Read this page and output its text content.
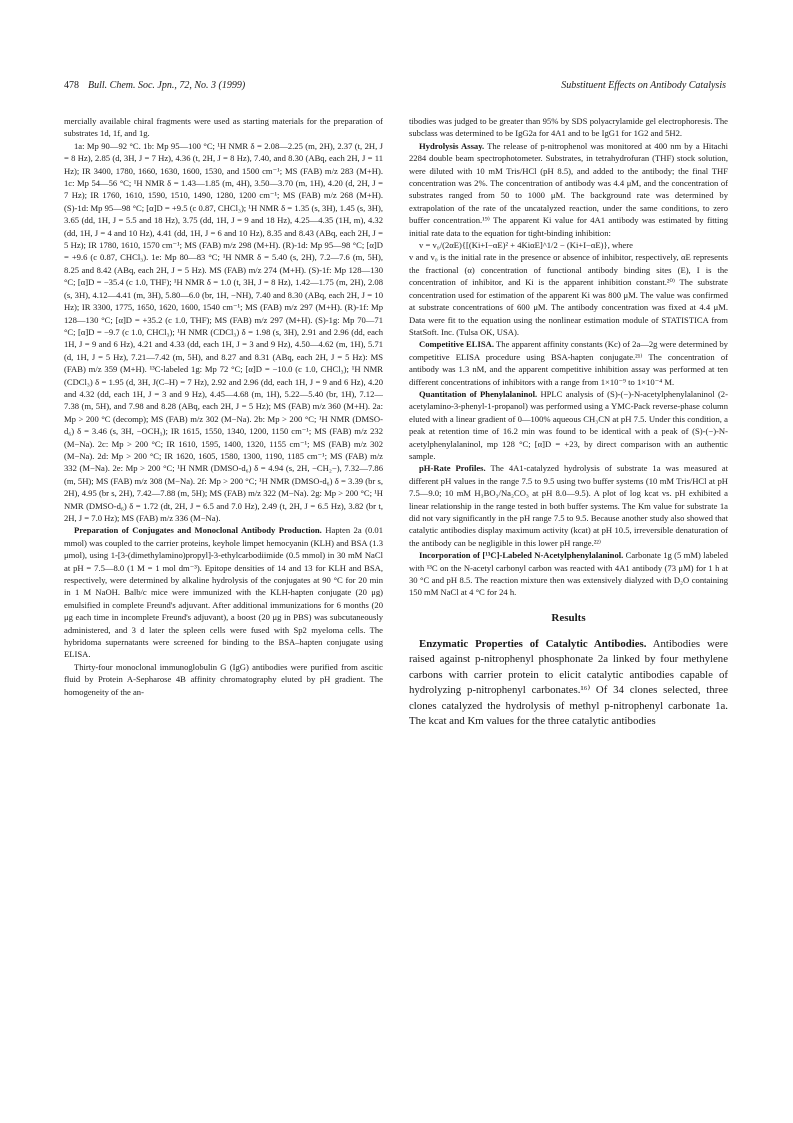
478 Bull. Chem. Soc. Jpn., 72, No. 3 (1999)	Substituent Effects on Antibody Catalysis

mercially available chiral fragments were used as starting materials for the preparation of substrates 1d, 1f, and 1g.

1a: Mp 90—92 °C. 1b: Mp 95—100 °C; ¹H NMR δ = 2.08—2.25 (m, 2H), 2.37 (t, 2H, J = 8 Hz), 2.85 (d, 3H, J = 7 Hz), 4.36 (t, 2H, J = 8 Hz), 7.40, and 8.30 (ABq, each 2H, J = 11 Hz); IR 3400, 1780, 1660, 1630, 1600, 1530, and 1500 cm⁻¹; MS (FAB) m/z 283 (M+H). 1c: Mp 54—56 °C; ¹H NMR δ = 1.43—1.85 (m, 4H), 3.50—3.70 (m, 1H), 4.20 (d, 2H, J = 7 Hz); IR 1760, 1610, 1590, 1510, 1490, 1280, 1200 cm⁻¹; MS (FAB) m/z 268 (M+H). (S)-1d: Mp 95—98 °C; [α]D = +9.5 (c 0.87, CHCl₃); ¹H NMR δ = 1.35 (s, 3H), 1.45 (s, 3H), 3.65 (dd, 1H, J = 5.5 and 18 Hz), 3.75 (dd, 1H, J = 9 and 18 Hz), 4.25—4.35 (1H, m), 4.32 (dd, 1H, J = 4 and 10 Hz), 4.41 (dd, 1H, J = 6 and 10 Hz), 8.35 and 8.43 (ABq, each 2H, J = 5 Hz); IR 1780, 1610, 1570 cm⁻¹; MS (FAB) m/z 298 (M+H). (R)-1d: Mp 95—98 °C; [α]D = +9.6 (c 0.87, CHCl₃). 1e: Mp 80—83 °C; ¹H NMR δ = 5.40 (s, 2H), 7.2—7.6 (m, 5H), 8.25 and 8.42 (ABq, each 2H, J = 5 Hz). MS (FAB) m/z 274 (M+H). (S)-1f: Mp 128—130 °C; [α]D = −35.4 (c 1.0, THF); ¹H NMR δ = 1.0 (t, 3H, J = 8 Hz), 1.42—1.75 (m, 2H), 2.08 (s, 3H), 4.12—4.41 (m, 3H), 5.80—6.0 (br, 1H, −NH), 7.40 and 8.30 (ABq, each 2H, J = 10 Hz); IR 3300, 1775, 1650, 1620, 1600, 1540 cm⁻¹; MS (FAB) m/z 297 (M+H). (R)-1f: Mp 128—130 °C; [α]D = +35.2 (c 1.0, THF); MS (FAB) m/z 297 (M+H). (S)-1g: Mp 70—71 °C; [α]D = −9.7 (c 1.0, CHCl₃); ¹H NMR (CDCl₃) δ = 1.98 (s, 3H), 2.91 and 2.96 (dd, each 1H, J = 9 and 6 Hz), 4.21 and 4.33 (dd, each 1H, J = 3 and 9 Hz), 4.50—4.62 (m, 1H), 5.71 (d, 1H, J = 5 Hz), 7.21—7.42 (m, 5H), and 8.27 and 8.31 (ABq, each 2H, J = 5 Hz): MS (FAB) m/z 359 (M+H). ¹³C-labeled 1g: Mp 72 °C; [α]D = −10.0 (c 1.0, CHCl₃); ¹H NMR (CDCl₃) δ = 1.95 (d, 3H, J(C–H) = 7 Hz), 2.92 and 2.96 (dd, each 1H, J = 9 and 6 Hz), 4.20 and 4.32 (dd, each 1H, J = 3 and 9 Hz), 4.45—4.68 (m, 1H), 5.22—5.40 (br, 1H), 7.12—7.38 (m, 5H), and 7.98 and 8.28 (ABq, each 2H, J = 5 Hz); MS (FAB) m/z 360 (M+H). 2a: Mp > 200 °C (decomp); MS (FAB) m/z 302 (M−Na). 2b: Mp > 200 °C; ¹H NMR (DMSO-d₆) δ = 3.46 (s, 3H, −OCH₃); IR 1615, 1550, 1340, 1200, 1150 cm⁻¹; MS (FAB) m/z 232 (M−Na). 2c: Mp > 200 °C; IR 1610, 1595, 1400, 1320, 1155 cm⁻¹; MS (FAB) m/z 302 (M−Na). 2d: Mp > 200 °C; IR 1620, 1605, 1580, 1300, 1190, 1185 cm⁻¹; MS (FAB) m/z 332 (M−Na). 2e: Mp > 200 °C; ¹H NMR (DMSO-d₆) δ = 4.94 (s, 2H, −CH₂−), 7.32—7.86 (m, 5H); MS (FAB) m/z 308 (M−Na). 2f: Mp > 200 °C; ¹H NMR (DMSO-d₆) δ = 3.39 (br s, 2H), 4.95 (br s, 2H), 7.42—7.88 (m, 5H); MS (FAB) m/z 322 (M−Na). 2g: Mp > 200 °C; ¹H NMR (DMSO-d₆) δ = 1.72 (dt, 2H, J = 6.5 and 7.0 Hz), 2.49 (t, 2H, J = 6.5 Hz), 3.82 (br t, 2H, J = 7.0 Hz); MS (FAB) m/z 336 (M−Na).

Preparation of Conjugates and Monoclonal Antibody Production. Hapten 2a (0.01 mmol) was coupled to the carrier proteins, keyhole limpet hemocyanin (KLH) and BSA (1.3 μmol), using 1-[3-(dimethylamino)propyl]-3-ethylcarbodiimide (0.5 mmol) in 30 mM NaCl at pH = 7.5—8.0 (1 M = 1 mol dm⁻³). Epitope densities of 14 and 13 for KLH and BSA, respectively, were determined by alkaline hydrolysis of the conjugates at 90 °C for 20 min in 1 M NaOH. Balb/c mice were immunized with the KLH-hapten conjugate (20 μg) emulsified in complete Freund's adjuvant. After additional immunizations for 6 months (20 μg each time in incomplete Freund's adjuvant), a boost (20 μg in PBS) was subcutaneously administered, and 3 d later the spleen cells were fused with Sp2 myeloma cells. The hybridoma supernatants were screened for binding to the BSA–hapten conjugate using ELISA.

Thirty-four monoclonal immunoglobulin G (IgG) antibodies were purified from ascitic fluid by Protein A-Sepharose 4B affinity chromatography eluted by pH gradient. The homogeneity of the an-

tibodies was judged to be greater than 95% by SDS polyacrylamide gel electrophoresis. The subclass was determined to be IgG2a for 4A1 and to be IgG1 for 1G2 and 5H2.

Hydrolysis Assay. The release of p-nitrophenol was monitored at 400 nm by a Hitachi 2284 double beam spectrophotometer. Substrates, in tetrahydrofuran (THF) stock solution, were diluted with 10 mM Tris/HCl (pH 8.5), and added to the antibody; the final THF concentration was 2%. The concentration of antibody was 4.4 μM, and the concentration of substrates ranged from 50 to 1000 μM. The background rate was determined by extrapolation of the rate of the uncatalyzed reaction, under the same conditions, to zero buffer concentration.¹⁹⁾ The apparent Ki value for 4A1 antibody was estimated by fitting initial rate data to the equation for tight-binding inhibition:

v = v₀/(2αE){[(Ki+I−αE)² + 4KiαE]^1/2 − (Ki+I−αE)}, where

v and v₀ is the initial rate in the presence or absence of inhibitor, respectively, αE represents the fractional (α) concentration of functional antibody binding sites (E), I is the concentration of inhibitor, and Ki is the apparent inhibition constant.²⁰⁾ The substrate concentration used for estimation of the apparent Ki was 800 μM. The value was confirmed at substrate concentrations of 600 μM. The antibody concentration was fixed at 4.4 μM. Data were fit to the equation using the nonlinear estimation module of STATISTICA from StatSoft. Inc. (Tulsa OK, USA).

Competitive ELISA. The apparent affinity constants (Kc) of 2a—2g were determined by competitive ELISA procedure using BSA-hapten conjugate.²¹⁾ The concentration of antibody was 1.3 nM, and the apparent competitive inhibition assay was performed at ten different concentrations of inhibitors with a range from 1×10⁻⁹ to 1×10⁻⁴ M.

Quantitation of Phenylalaninol. HPLC analysis of (S)-(−)-N-acetylphenylalaninol (2-acetylamino-3-phenyl-1-propanol) was performed using a YMC-Pack reverse-phase column eluted with a linear gradient of 0—100% aqueous CH₃CN at pH 7.5. Under this condition, a peak at retention time of 16.2 min was found to be identical with a peak of (S)-(−)-N-acetylphenylalaninol, mp 128 °C; [α]D = +23, by direct comparison with an authentic sample.

pH-Rate Profiles. The 4A1-catalyzed hydrolysis of substrate 1a was measured at different pH values in the range 7.5 to 9.5 using two buffer systems (10 mM Tris/HCl at pH 7.5—9.0; 10 mM H₃BO₃/Na₂CO₃ at pH 8.0—9.5). A plot of log kcat vs. pH exhibited a linear relationship in the range tested in both buffer systems. The Km value for substrate 1a did not vary significantly in the pH range 7.5 to 9.5. Because another study also showed that catalytic antibodies display maximum activity (kcat) at pH 10.5, irreversible denaturation of the antibody can be negligible in this lower pH range.²²⁾

Incorporation of [¹³C]-Labeled N-Acetylphenylalaninol. Carbonate 1g (5 mM) labeled with ¹³C on the N-acetyl carbonyl carbon was reacted with 4A1 antibody (73 μM) for 1 h at 30 °C and pH 8.5. The reaction mixture then was extensively dialyzed with D₂O containing 150 mM NaCl at 4 °C for 24 h.

Results

Enzymatic Properties of Catalytic Antibodies. Antibodies were raised against p-nitrophenyl phosphonate 2a linked by four methylene carbons with carrier protein to elicit catalytic antibodies capable of hydrolyzing p-nitrophenyl carbonates.¹⁶⁾ Of 34 clones selected, three clones catalyzed the hydrolysis of methyl p-nitrophenyl carbonate 1a. The kcat and Km values for the three catalytic antibodies
